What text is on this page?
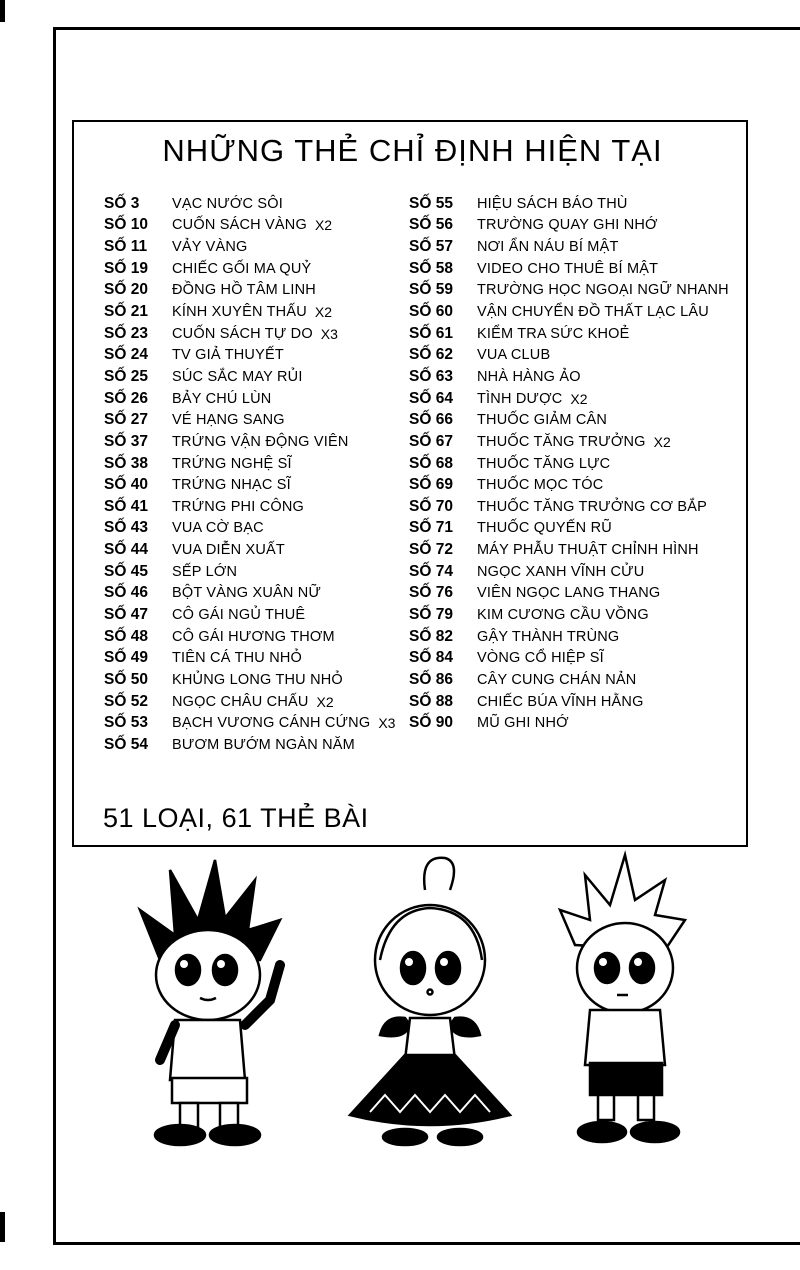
NHỮNG THẺ CHỈ ĐỊNH HIỆN TẠI
SỐ 3	VẠC NƯỚC SÔI
SỐ 10	CUỐN SÁCH VÀNG X2
SỐ 11	VẢY VÀNG
SỐ 19	CHIẾC GỐI MA QUỶ
SỐ 20	ĐỒNG HỒ TÂM LINH
SỐ 21	KÍNH XUYÊN THẤU X2
SỐ 23	CUỐN SÁCH TỰ DO X3
SỐ 24	TV GIẢ THUYẾT
SỐ 25	SÚC SẮC MAY RỦI
SỐ 26	BẢY CHÚ LÙN
SỐ 27	VÉ HẠNG SANG
SỐ 37	TRỨNG VẬN ĐỘNG VIÊN
SỐ 38	TRỨNG NGHỆ SĨ
SỐ 40	TRỨNG NHẠC SĨ
SỐ 41	TRỨNG PHI CÔNG
SỐ 43	VUA CỜ BẠC
SỐ 44	VUA DIỄN XUẤT
SỐ 45	SẾP LỚN
SỐ 46	BỘT VÀNG XUÂN NỮ
SỐ 47	CÔ GÁI NGỦ THUÊ
SỐ 48	CÔ GÁI HƯƠNG THƠM
SỐ 49	TIÊN CÁ THU NHỎ
SỐ 50	KHỦNG LONG THU NHỎ
SỐ 52	NGỌC CHÂU CHẤU X2
SỐ 53	BẠCH VƯƠNG CÁNH CỨNG X3
SỐ 54	BƯƠM BƯỚM NGÀN NĂM
SỐ 55	HIỆU SÁCH BÁO THÙ
SỐ 56	TRƯỜNG QUAY GHI NHỚ
SỐ 57	NƠI ẨN NÁU BÍ MẬT
SỐ 58	VIDEO CHO THUÊ BÍ MẬT
SỐ 59	TRƯỜNG HỌC NGOẠI NGỮ NHANH
SỐ 60	VẬN CHUYỂN ĐỒ THẤT LẠC LÂU
SỐ 61	KIỂM TRA SỨC KHOẺ
SỐ 62	VUA CLUB
SỐ 63	NHÀ HÀNG ẢO
SỐ 64	TÌNH DƯỢC X2
SỐ 66	THUỐC GIẢM CÂN
SỐ 67	THUỐC TĂNG TRƯỞNG X2
SỐ 68	THUỐC TĂNG LỰC
SỐ 69	THUỐC MỌC TÓC
SỐ 70	THUỐC TĂNG TRƯỞNG CƠ BẮP
SỐ 71	THUỐC QUYẾN RŨ
SỐ 72	MÁY PHẪU THUẬT CHỈNH HÌNH
SỐ 74	NGỌC XANH VĨNH CỬU
SỐ 76	VIÊN NGỌC LANG THANG
SỐ 79	KIM CƯƠNG CẦU VỒNG
SỐ 82	GẬY THÀNH TRÙNG
SỐ 84	VÒNG CỔ HIỆP SĨ
SỐ 86	CÂY CUNG CHÁN NẢN
SỐ 88	CHIẾC BÚA VĨNH HẰNG
SỐ 90	MŨ GHI NHỚ
51 LOẠI, 61 THẺ BÀI
